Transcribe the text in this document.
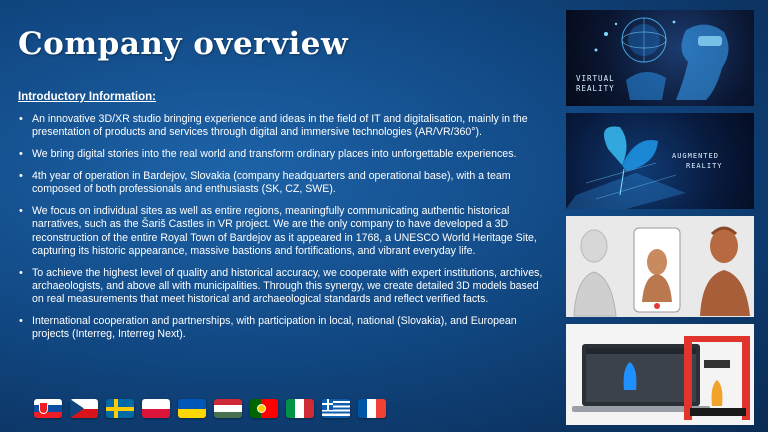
Company overview
Introductory Information:
• An innovative 3D/XR studio bringing experience and ideas in the field of IT and digitalisation, mainly in the presentation of products and services through digital and immersive technologies (AR/VR/360°).
• We bring digital stories into the real world and transform ordinary places into unforgettable experiences.
• 4th year of operation in Bardejov, Slovakia (company headquarters and operational base), with a team composed of both professionals and enthusiasts (SK, CZ, SWE).
• We focus on individual sites as well as entire regions, meaningfully communicating authentic historical narratives, such as the Šariš Castles in VR project. We are the only company to have developed a 3D reconstruction of the entire Royal Town of Bardejov as it appeared in 1768, a UNESCO World Heritage Site, capturing its historic appearance, massive bastions and fortifications, and vibrant everyday life.
• To achieve the highest level of quality and historical accuracy, we cooperate with expert institutions, archives, archaeologists, and above all with municipalities. Through this synergy, we create detailed 3D models based on real measurements that meet historical and archaeological standards and reflect verified facts.
• International cooperation and partnerships, with participation in local, national (Slovakia), and European projects (Interreg, Interreg Next).
VIRTUAL
REALITY
AUGMENTED
REALITY
